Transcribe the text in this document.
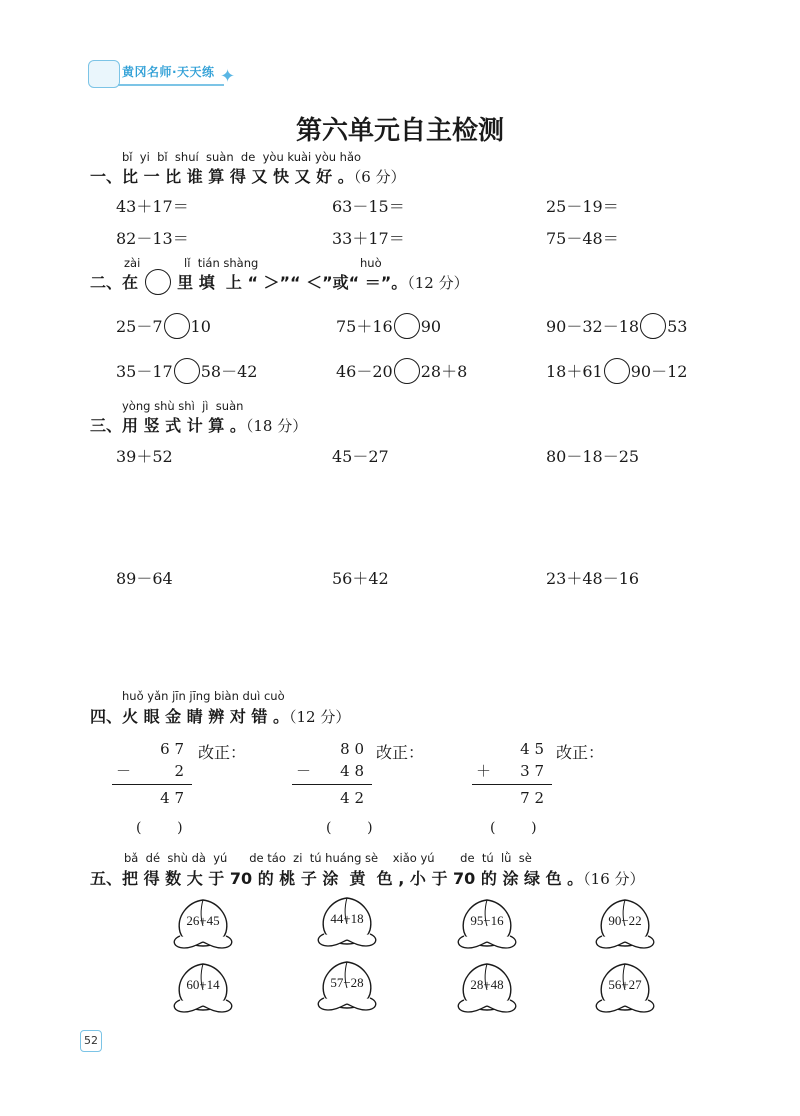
黄冈名师·天天练 ✦
第六单元自主检测
bǐ  yi  bǐ  shuí  suàn  de  yòu kuài yòu hǎo
一、比 一 比 谁 算 得 又 快 又 好 。（6 分）
43＋17＝	63－15＝	25－19＝
82－13＝	33＋17＝	75－48＝
zài	lǐ  tián shàng	huò
二、在 里 填  上 “ ＞”“ ＜”或“ ＝”。（12 分）
25－7 10	75＋16 90	90－32－18 53
35－17 58－42	46－20 28＋8	18＋61 90－12
yòng shù shì  jì  suàn
三、用 竖 式 计 算 。（18 分）
39＋52	45－27	80－18－25
89－64	56＋42	23＋48－16
huǒ yǎn jīn jīng biàn duì cuò
四、火 眼 金 睛 辨 对 错 。（12 分）
6 7
－	2
4 7
改正：
(        )
8 0
－ 4 8
4 2
改正：
(        )
4 5
＋ 3 7
7 2
改正：
(        )
bǎ  dé  shù dà  yú      de táo  zi  tú huáng sè    xiǎo yú       de  tú  lǜ  sè
五、把 得 数 大 于 70 的 桃 子 涂  黄  色 , 小 于 70 的 涂 绿 色 。（16 分）
26+45	44+18	95−16	90−22
60+14	57−28	28+48	56+27
52
